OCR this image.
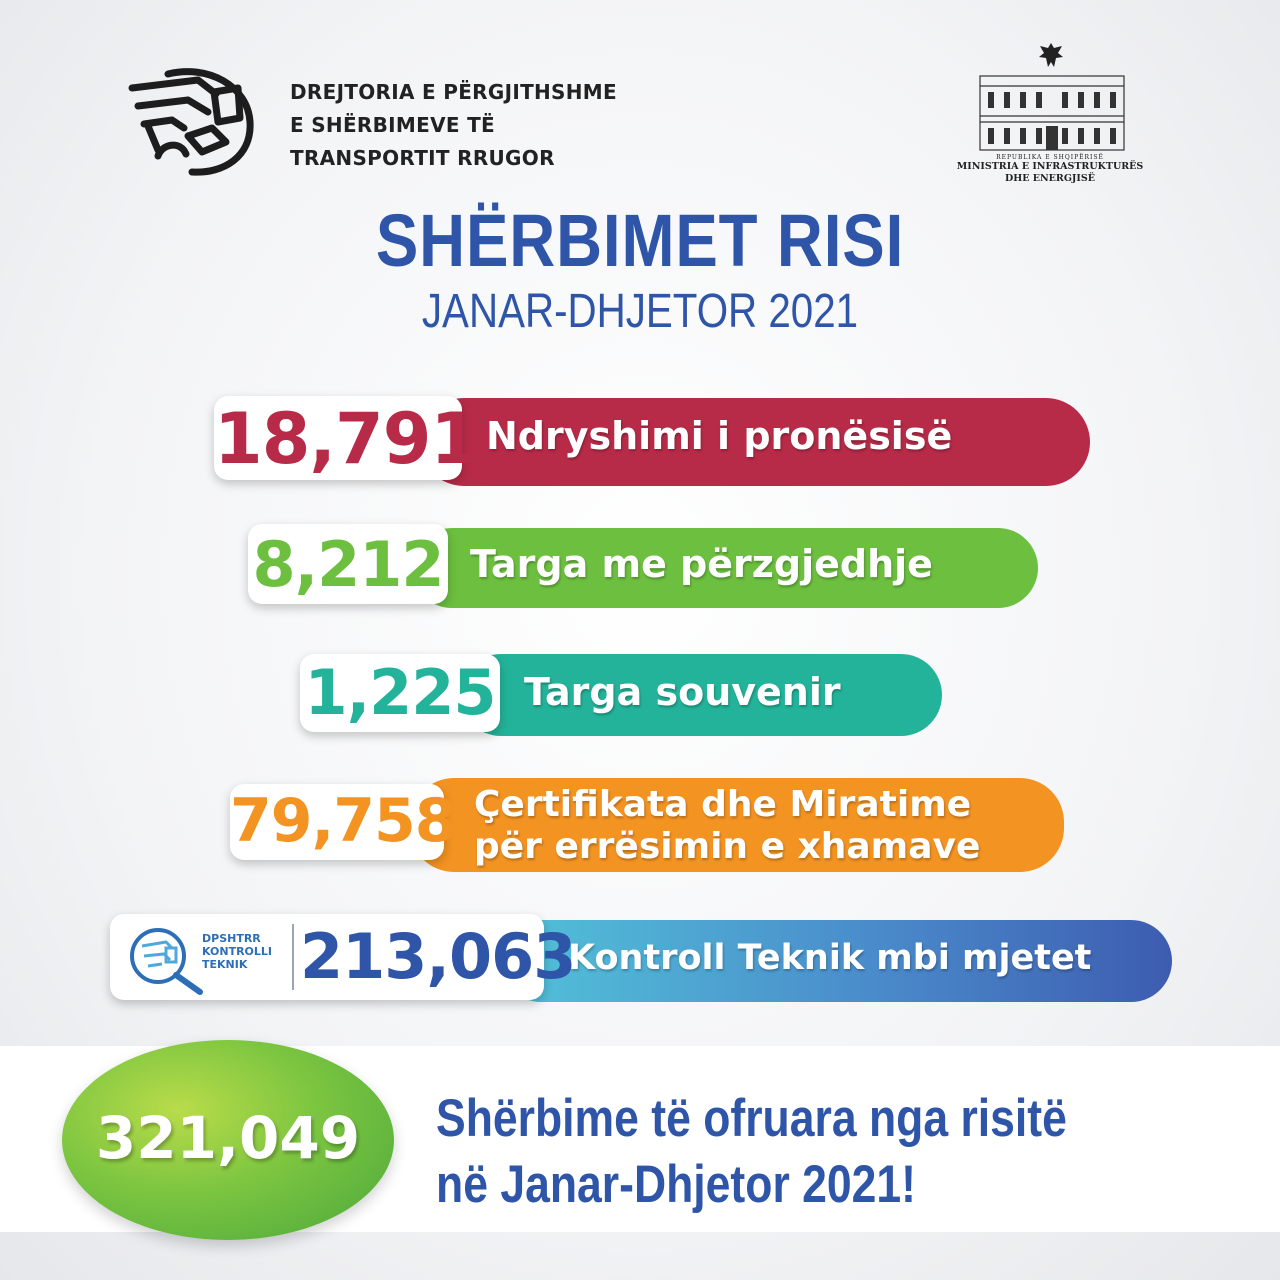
DREJTORIA E PËRGJITHSHME
E SHËRBIMEVE TË
TRANSPORTIT RRUGOR	REPUBLIKA E SHQIPËRISË
MINISTRIA E INFRASTRUKTURËS
DHE ENERGJISË
SHËRBIMET RISI
JANAR-DHJETOR 2021
Ndryshimi i pronësisë
18,791
Targa me përzgjedhje
8,212
Targa souvenir
1,225
Çertifikata dhe Miratime
për errësimin e xhamave
79,758
Kontroll Teknik mbi mjetet
DPSHTRR
KONTROLLI
TEKNIK 213,063
321,049	Shërbime të ofruara nga risitë
në Janar-Dhjetor 2021!
